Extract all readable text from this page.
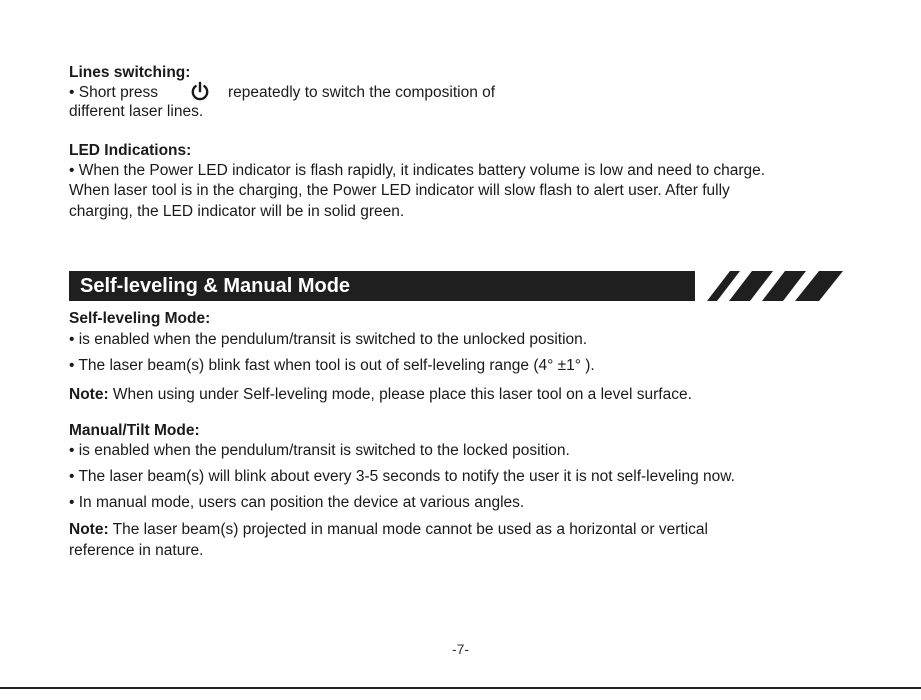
Lines switching:
• Short press	repeatedly to switch the composition of
different laser lines.
LED Indications:
• When the Power LED indicator is flash rapidly, it indicates battery volume is low and need to charge.
When laser tool is in the charging, the Power LED indicator will slow flash to alert user. After fully
charging, the LED indicator will be in solid green.
Self-leveling & Manual Mode
Self-leveling Mode:
• is enabled when the pendulum/transit is switched to the unlocked position.
• The laser beam(s) blink fast when tool is out of self-leveling range (4° ±1° ).
Note: When using under Self-leveling mode, please place this laser tool on a level surface.
Manual/Tilt Mode:
• is enabled when the pendulum/transit is switched to the locked position.
• The laser beam(s) will blink about every 3-5 seconds to notify the user it is not self-leveling now.
• In manual mode, users can position the device at various angles.
Note: The laser beam(s) projected in manual mode cannot be used as a horizontal or vertical
reference in nature.
-7-
